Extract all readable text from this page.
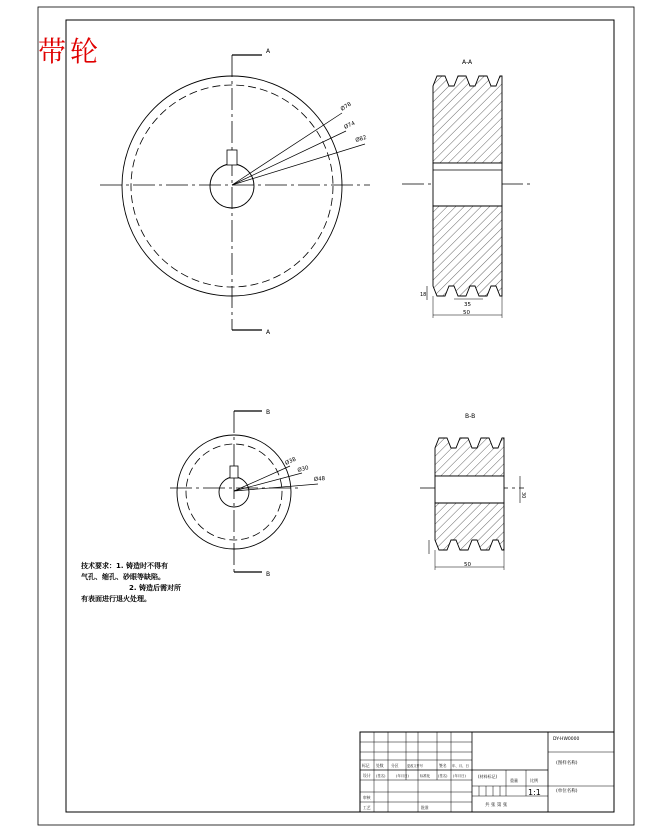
A
A
Ø78
Ø74
Ø82
A-A
18
35
50
B
B
Ø38
Ø30
Ø48
B-B
30
50
DY-HW0000
(图样名称)
(单位名称)
(材料标记)
重量	比例
1:1
共 张 第 张
标记 处数 分区	更改文件号	签名 年、月、日
设计 (签名)	(年月日)	标准化 (签名) (年月日)
审核
工艺	批准
带轮
技术要求：1. 铸造时不得有
气孔、缩孔、砂眼等缺陷。
2. 铸造后需对所
有表面进行退火处理。
